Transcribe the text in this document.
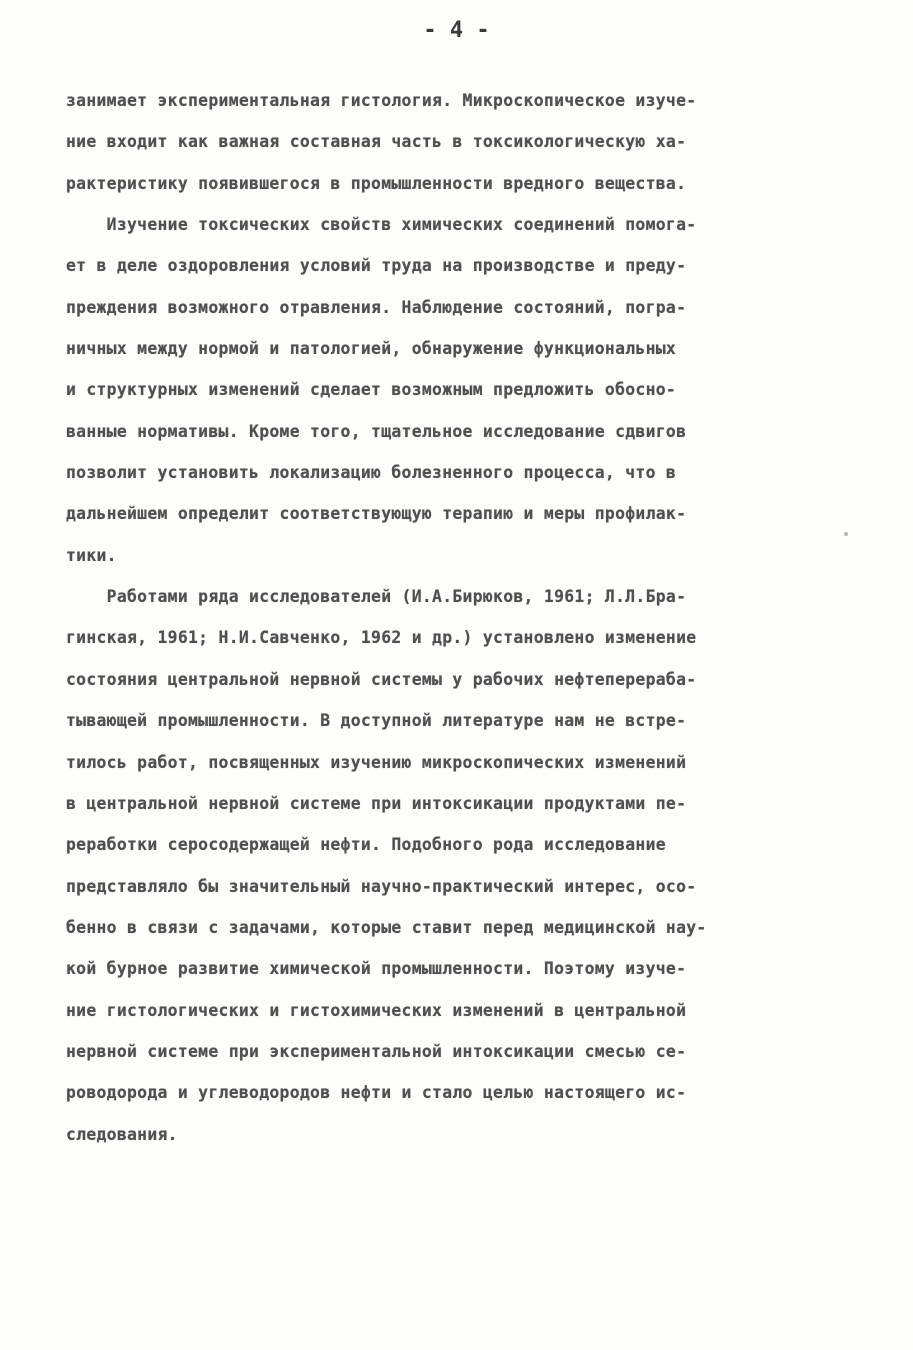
- 4 -
занимает экспериментальная гистология. Микроскопическое изуче-
ние входит как важная составная часть в токсикологическую ха-
рактеристику появившегося в промышленности вредного вещества.
Изучение токсических свойств химических соединений помога-
ет в деле оздоровления условий труда на производстве и преду-
преждения возможного отравления. Наблюдение состояний, погра-
ничных между нормой и патологией, обнаружение функциональных
и структурных изменений сделает возможным предложить обосно-
ванные нормативы. Кроме того, тщательное исследование сдвигов
позволит установить локализацию болезненного процесса, что в
дальнейшем определит соответствующую терапию и меры профилак-
тики.
Работами ряда исследователей (И.А.Бирюков, 1961; Л.Л.Бра-
гинская, 1961; Н.И.Савченко, 1962 и др.) установлено изменение
состояния центральной нервной системы у рабочих нефтеперераба-
тывающей промышленности. В доступной литературе нам не встре-
тилось работ, посвященных изучению микроскопических изменений
в центральной нервной системе при интоксикации продуктами пе-
реработки серосодержащей нефти. Подобного рода исследование
представляло бы значительный научно-практический интерес, осо-
бенно в связи с задачами, которые ставит перед медицинской нау-
кой бурное развитие химической промышленности. Поэтому изуче-
ние гистологических и гистохимических изменений в центральной
нервной системе при экспериментальной интоксикации смесью се-
роводорода и углеводородов нефти и стало целью настоящего ис-
следования.
